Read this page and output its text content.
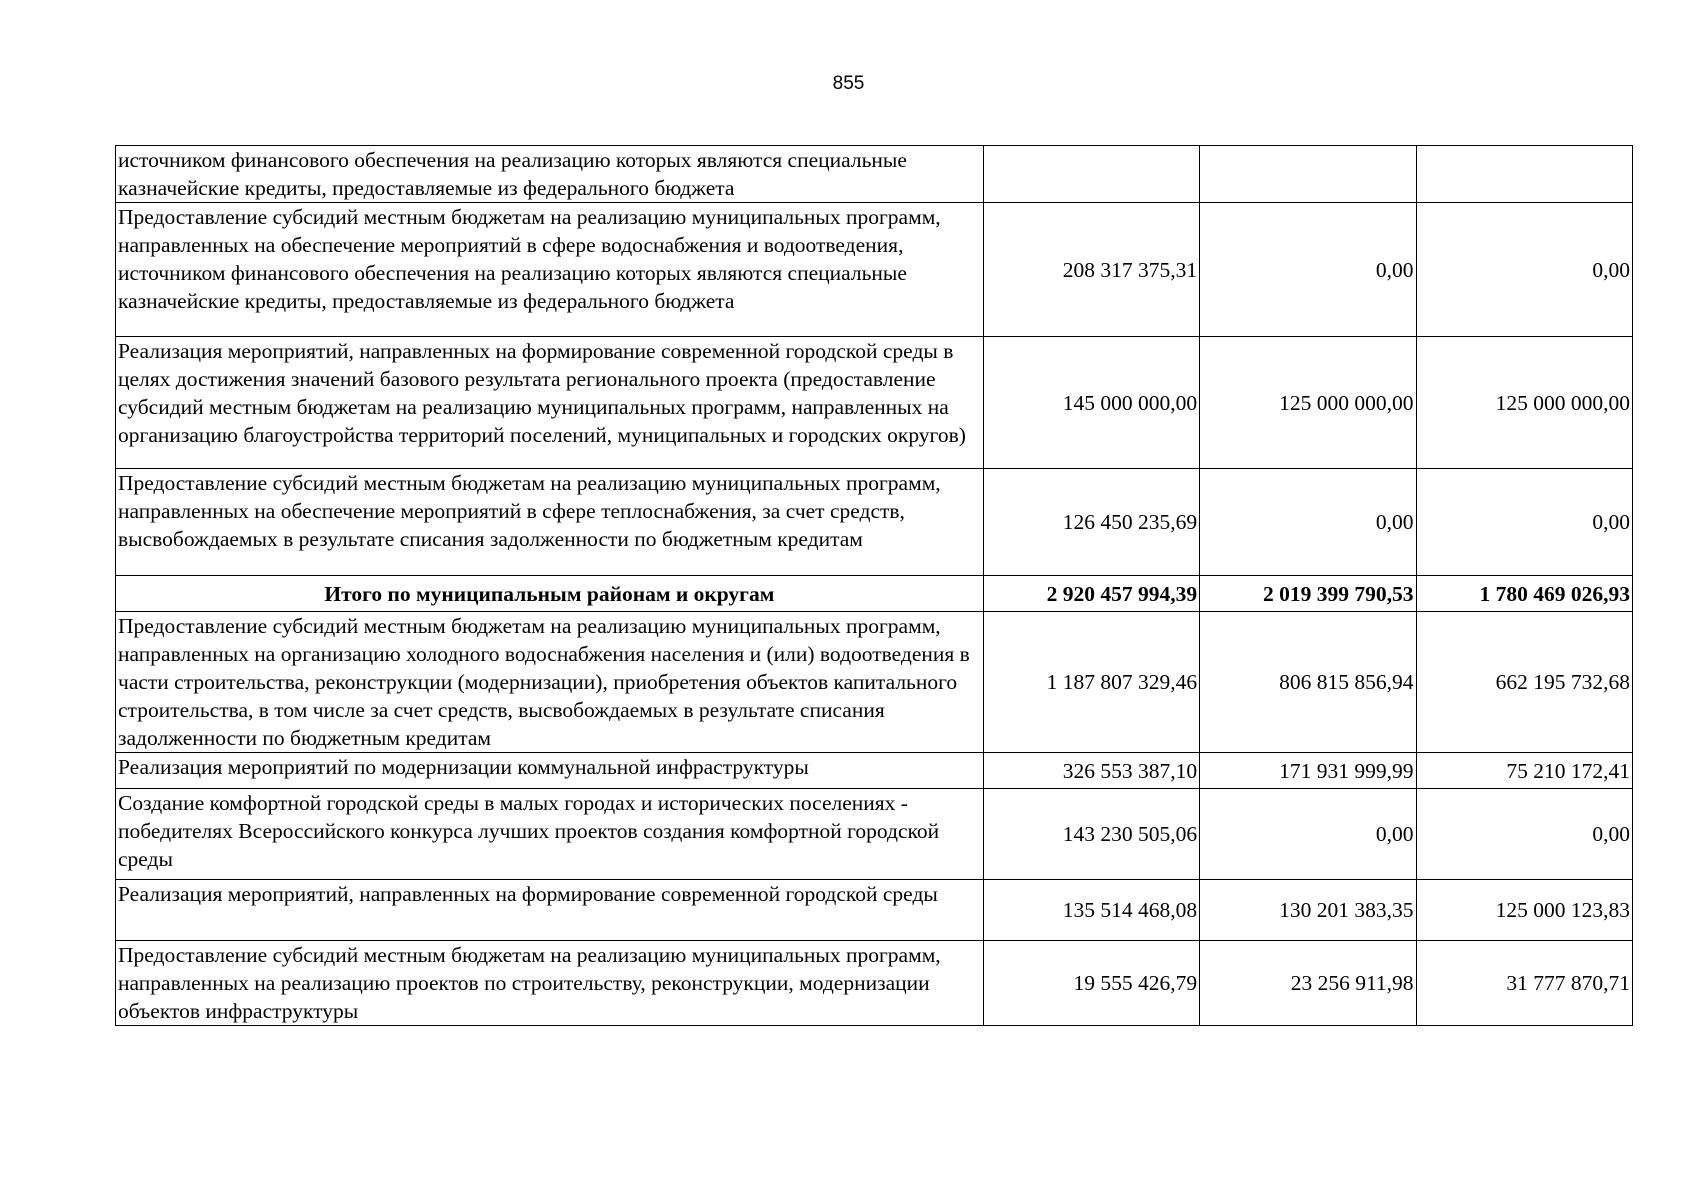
855
источником финансового обеспечения на реализацию которых являются специальные казначейские кредиты, предоставляемые из федерального бюджета			
Предоставление субсидий местным бюджетам на реализацию муниципальных программ, направленных на обеспечение мероприятий в сфере водоснабжения и водоотведения, источником финансового обеспечения на реализацию которых являются специальные казначейские кредиты, предоставляемые из федерального бюджета	208 317 375,31	0,00	0,00
Реализация мероприятий, направленных на формирование современной городской среды в целях достижения значений базового результата регионального проекта (предоставление субсидий местным бюджетам на реализацию муниципальных программ, направленных на организацию благоустройства территорий поселений, муниципальных и городских округов)	145 000 000,00	125 000 000,00	125 000 000,00
Предоставление субсидий местным бюджетам на реализацию муниципальных программ, направленных на обеспечение мероприятий в сфере теплоснабжения, за счет средств, высвобождаемых в результате списания задолженности по бюджетным кредитам	126 450 235,69	0,00	0,00
Итого по муниципальным районам и округам	2 920 457 994,39	2 019 399 790,53	1 780 469 026,93
Предоставление субсидий местным бюджетам на реализацию муниципальных программ, направленных на организацию холодного водоснабжения населения и (или) водоотведения в части строительства, реконструкции (модернизации), приобретения объектов капитального строительства, в том числе за счет средств, высвобождаемых в результате списания задолженности по бюджетным кредитам	1 187 807 329,46	806 815 856,94	662 195 732,68
Реализация мероприятий по модернизации коммунальной инфраструктуры	326 553 387,10	171 931 999,99	75 210 172,41
Создание комфортной городской среды в малых городах и исторических поселениях - победителях Всероссийского конкурса лучших проектов создания комфортной городской среды	143 230 505,06	0,00	0,00
Реализация мероприятий, направленных на формирование современной городской среды	135 514 468,08	130 201 383,35	125 000 123,83
Предоставление субсидий местным бюджетам на реализацию муниципальных программ, направленных на реализацию проектов по строительству, реконструкции, модернизации объектов инфраструктуры	19 555 426,79	23 256 911,98	31 777 870,71
